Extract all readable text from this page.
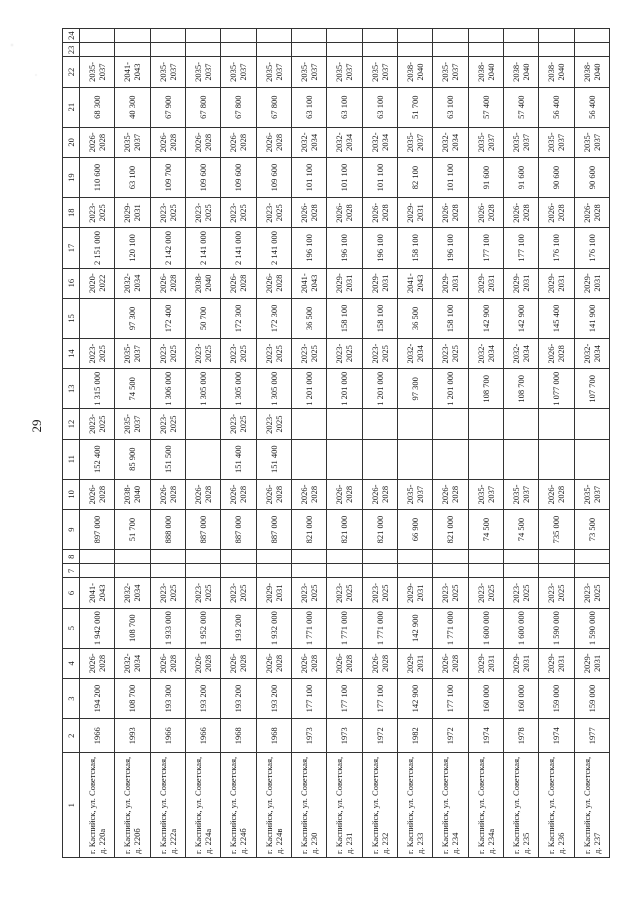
29
1	2	3	4	5	6	7	8	9	10	11	12	13	14	15	16	17	18	19	20	21	22	23	24
г. Каспийск, ул. Советская, д. 220а	1966	194 200	2026-2028	1 942 000	2041-2043			897 000	2026-2028	152 400	2023-2025	1 315 000	2023-2025		2020-2022	2 151 000	2023-2025	110 600	2026-2028	68 300	2035-2037		
г. Каспийск, ул. Советская, д. 220б	1993	108 700	2032-2034	108 700	2032-2034			51 700	2038-2040	85 900	2035-2037	74 500	2035-2037	97 300	2032-2034	120 100	2029-2031	63 100	2035-2037	40 300	2041-2043		
г. Каспийск, ул. Советская, д. 222а	1966	193 300	2026-2028	1 933 000	2023-2025			888 000	2026-2028	151 500	2023-2025	1 306 000	2023-2025	172 400	2026-2028	2 142 000	2023-2025	109 700	2026-2028	67 900	2035-2037		
г. Каспийск, ул. Советская, д. 224а	1966	193 200	2026-2028	1 952 000	2023-2025			887 000	2026-2028			1 305 000	2023-2025	50 700	2038-2040	2 141 000	2023-2025	109 600	2026-2028	67 800	2035-2037		
г. Каспийск, ул. Советская, д. 224б	1968	193 200	2026-2028	193 200	2023-2025			887 000	2026-2028	151 400	2023-2025	1 305 000	2023-2025	172 300	2026-2028	2 141 000	2023-2025	109 600	2026-2028	67 800	2035-2037		
г. Каспийск, ул. Советская, д. 224в	1968	193 200	2026-2028	1 932 000	2029-2031			887 000	2026-2028	151 400	2023-2025	1 305 000	2023-2025	172 300	2026-2028	2 141 000	2023-2025	109 600	2026-2028	67 800	2035-2037		
г. Каспийск, ул. Советская, д. 230	1973	177 100	2026-2028	1 771 000	2023-2025			821 000	2026-2028			1 201 000	2023-2025	36 500	2041-2043	196 100	2026-2028	101 100	2032-2034	63 100	2035-2037		
г. Каспийск, ул. Советская, д. 231	1973	177 100	2026-2028	1 771 000	2023-2025			821 000	2026-2028			1 201 000	2023-2025	158 100	2029-2031	196 100	2026-2028	101 100	2032-2034	63 100	2035-2037		
г. Каспийск, ул. Советская, д. 232	1972	177 100	2026-2028	1 771 000	2023-2025			821 000	2026-2028			1 201 000	2023-2025	158 100	2029-2031	196 100	2026-2028	101 100	2032-2034	63 100	2035-2037		
г. Каспийск, ул. Советская, д. 233	1982	142 900	2029-2031	142 900	2029-2031			66 900	2035-2037			97 300	2032-2034	36 500	2041-2043	158 100	2029-2031	82 100	2035-2037	51 700	2038-2040		
г. Каспийск, ул. Советская, д. 234	1972	177 100	2026-2028	1 771 000	2023-2025			821 000	2026-2028			1 201 000	2023-2025	158 100	2029-2031	196 100	2026-2028	101 100	2032-2034	63 100	2035-2037		
г. Каспийск, ул. Советская, д. 234а	1974	160 000	2029-2031	1 600 000	2023-2025			74 500	2035-2037			108 700	2032-2034	142 900	2029-2031	177 100	2026-2028	91 600	2035-2037	57 400	2038-2040		
г. Каспийск, ул. Советская, д. 235	1978	160 000	2029-2031	1 600 000	2023-2025			74 500	2035-2037			108 700	2032-2034	142 900	2029-2031	177 100	2026-2028	91 600	2035-2037	57 400	2038-2040		
г. Каспийск, ул. Советская, д. 236	1974	159 000	2029-2031	1 590 000	2023-2025			735 000	2026-2028			1 077 000	2026-2028	145 400	2029-2031	176 100	2026-2028	90 600	2035-2037	56 400	2038-2040		
г. Каспийск, ул. Советская, д. 237	1977	159 000	2029-2031	1 590 000	2023-2025			73 500	2035-2037			107 700	2032-2034	141 900	2029-2031	176 100	2026-2028	90 600	2035-2037	56 400	2038-2040		
